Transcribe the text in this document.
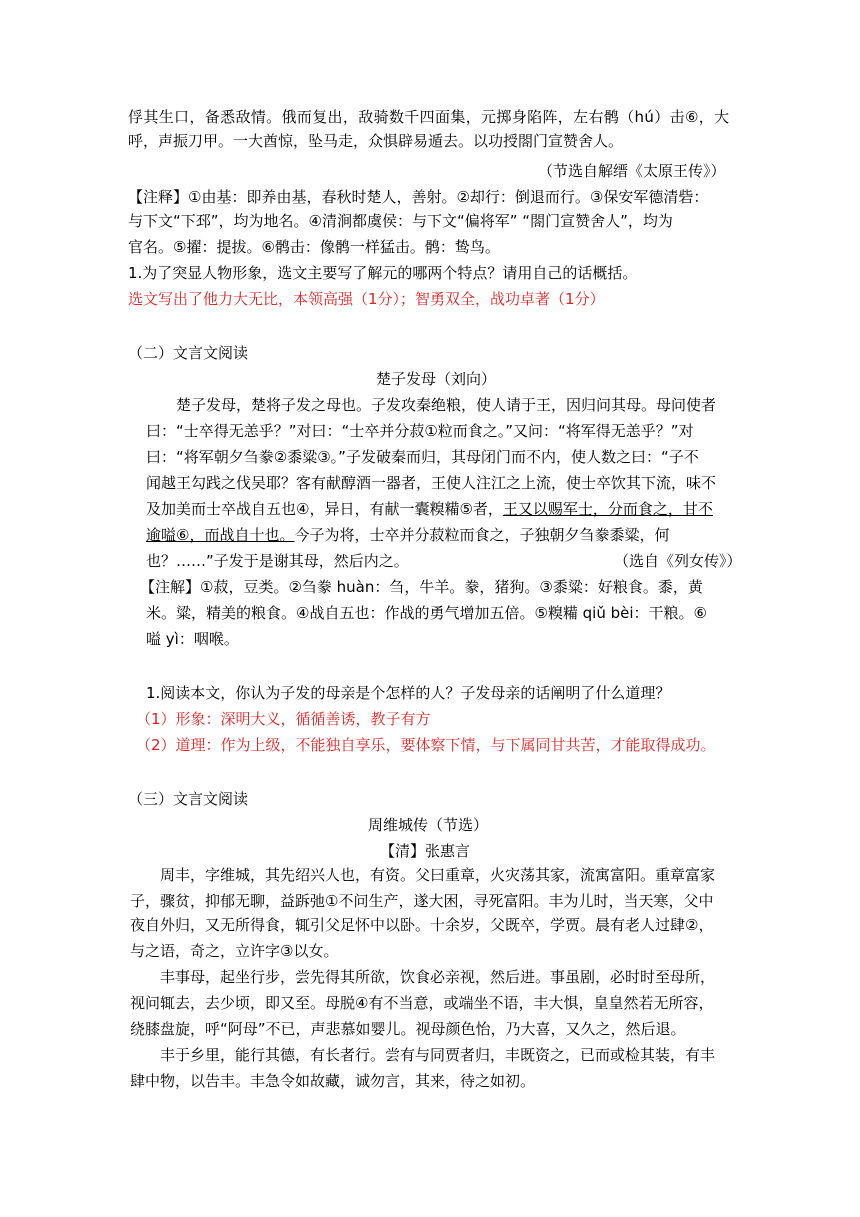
俘其生口，备悉敌情。俄而复出，敌骑数千四面集，元掷身陷阵，左右鹘（hú）击⑥，大
呼，声振刀甲。一大酋惊，坠马走，众惧辟易遁去。以功授閤门宣赞舍人。
（节选自解缙《太原王传》）
【注释】①由基：即养由基，春秋时楚人，善射。②却行：倒退而行。③保安军德清砦：
与下文“下邳”，均为地名。④清涧都虞侯：与下文“偏将军” “閤门宣赞舍人”，均为
官名。⑤擢：提拔。⑥鹘击：像鹘一样猛击。鹘：鸷鸟。
1.为了突显人物形象，选文主要写了解元的哪两个特点？请用自己的话概括。
选文写出了他力大无比，本领高强（1分）；智勇双全，战功卓著（1分）
（二）文言文阅读
楚子发母（刘向）
楚子发母，楚将子发之母也。子发攻秦绝粮，使人请于王，因归问其母。母问使者
曰：“士卒得无恙乎？”对曰：“士卒并分菽①粒而食之。”又问：“将军得无恙乎？”对
曰：“将军朝夕刍豢②黍粱③。”子发破秦而归，其母闭门而不内，使人数之曰：“子不
闻越王勾践之伐吴耶？客有献醇酒一器者，王使人注江之上流，使士卒饮其下流，味不
及加美而士卒战自五也④，异日，有献一囊糗糒⑤者，王又以赐军士，分而食之，甘不
逾嗌⑥，而战自十也。今子为将，士卒并分菽粒而食之，子独朝夕刍豢黍粱，何
也？……”子发于是谢其母，然后内之。	（选自《列女传》）
【注解】①菽，豆类。②刍豢 huàn：刍，牛羊。豢，猪狗。③黍粱：好粮食。黍，黄
米。粱，精美的粮食。④战自五也：作战的勇气增加五倍。⑤糗糒 qiǔ bèi：干粮。⑥
嗌 yì：咽喉。
1.阅读本文，你认为子发的母亲是个怎样的人？子发母亲的话阐明了什么道理？
（1）形象：深明大义，循循善诱，教子有方
（2）道理：作为上级，不能独自享乐，要体察下情，与下属同甘共苦，才能取得成功。
（三）文言文阅读
周维城传（节选）
【清】张惠言
周丰，字维城，其先绍兴人也，有资。父曰重章，火灾荡其家，流寓富阳。重章富家
子，骤贫，抑郁无聊，益跅弛①不问生产，遂大困，寻死富阳。丰为儿时，当天寒，父中
夜自外归，又无所得食，辄引父足怀中以卧。十余岁，父既卒，学贾。晨有老人过肆②，
与之语，奇之，立许字③以女。
丰事母，起坐行步，尝先得其所欲，饮食必亲视，然后进。事虽剧，必时时至母所，
视问辄去，去少顷，即又至。母脱④有不当意，或端坐不语，丰大惧，皇皇然若无所容，
绕膝盘旋，呼“阿母”不已，声悲慕如婴儿。视母颜色怡，乃大喜，又久之，然后退。
丰于乡里，能行其德，有长者行。尝有与同贾者归，丰既资之，已而或检其装，有丰
肆中物，以告丰。丰急令如故藏，诚勿言，其来，待之如初。
